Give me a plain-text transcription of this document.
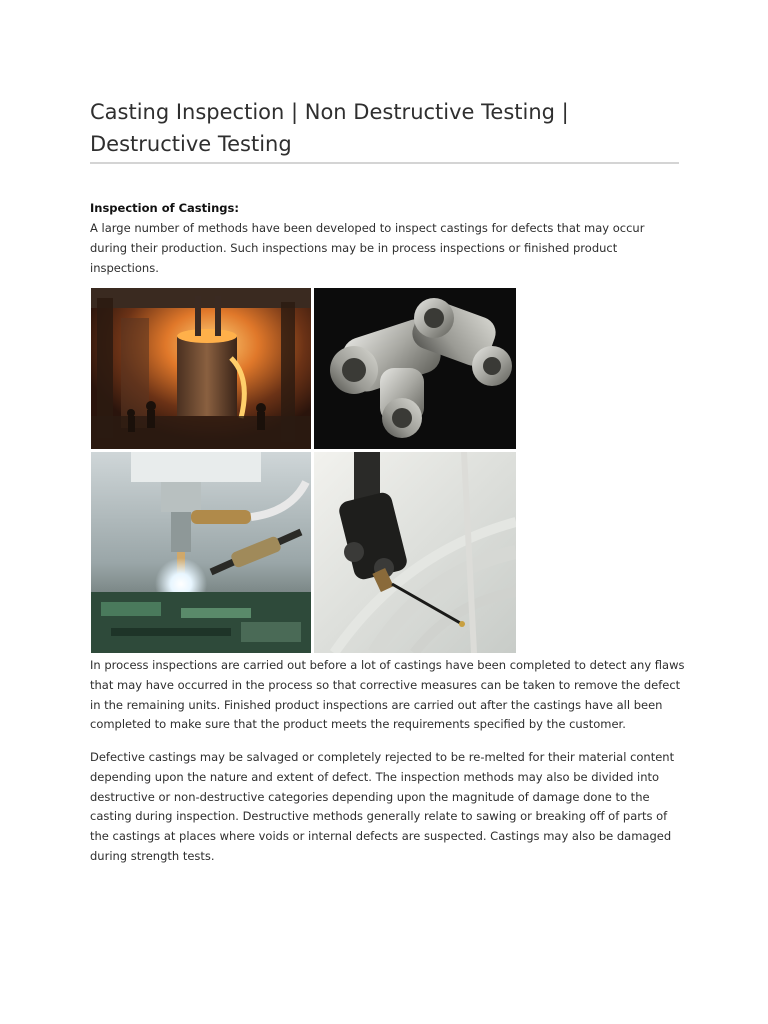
Casting Inspection | Non Destructive Testing | Destructive Testing
Inspection of Castings:

A large number of methods have been developed to inspect castings for defects that may occur during their production. Such inspections may be in process inspections or finished product inspections.

In process inspections are carried out before a lot of castings have been completed to detect any flaws that may have occurred in the process so that corrective measures can be taken to remove the defect in the remaining units. Finished product inspections are carried out after the castings have all been completed to make sure that the product meets the requirements specified by the customer.

Defective castings may be salvaged or completely rejected to be re-melted for their material content depending upon the nature and extent of defect. The inspection methods may also be divided into destructive or non-destructive categories depending upon the magnitude of damage done to the casting during inspection. Destructive methods generally relate to sawing or breaking off of parts of the castings at places where voids or internal defects are suspected. Castings may also be damaged during strength tests.
